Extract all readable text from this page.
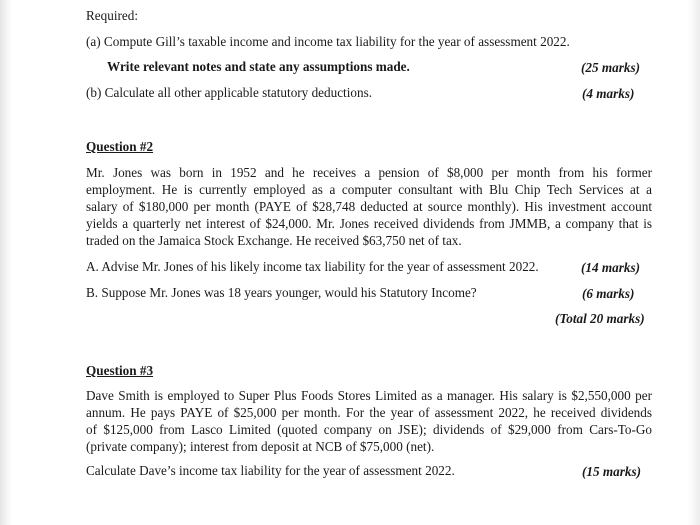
Required:
(a) Compute Gill’s taxable income and income tax liability for the year of assessment 2022.
Write relevant notes and state any assumptions made.	(25 marks)
(b) Calculate all other applicable statutory deductions.	(4 marks)
Question #2
Mr. Jones was born in 1952 and he receives a pension of $8,000 per month from his former
employment. He is currently employed as a computer consultant with Blu Chip Tech Services at a
salary of $180,000 per month (PAYE of $28,748 deducted at source monthly). His investment account
yields a quarterly net interest of $24,000. Mr. Jones received dividends from JMMB, a company that is
traded on the Jamaica Stock Exchange. He received $63,750 net of tax.
A. Advise Mr. Jones of his likely income tax liability for the year of assessment 2022.	(14 marks)
B. Suppose Mr. Jones was 18 years younger, would his Statutory Income?	(6 marks)
(Total 20 marks)
Question #3
Dave Smith is employed to Super Plus Foods Stores Limited as a manager. His salary is $2,550,000 per
annum. He pays PAYE of $25,000 per month. For the year of assessment 2022, he received dividends
of $125,000 from Lasco Limited (quoted company on JSE); dividends of $29,000 from Cars-To-Go
(private company); interest from deposit at NCB of $75,000 (net).
Calculate Dave’s income tax liability for the year of assessment 2022.	(15 marks)
